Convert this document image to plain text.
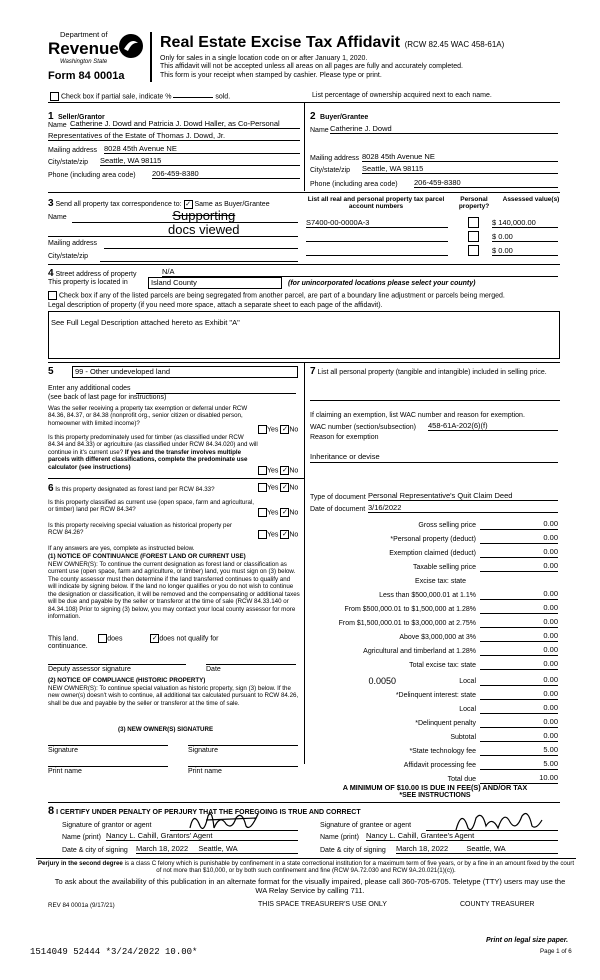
Department of
Revenue
Washington State
Form 84 0001a
Real Estate Excise Tax Affidavit (RCW 82.45 WAC 458-61A)
Only for sales in a single location code on or after January 1, 2020.
This affidavit will not be accepted unless all areas on all pages are fully and accurately completed.
This form is your receipt when stamped by cashier. Please type or print.
Check box if partial sale, indicate %	sold.	List percentage of ownership acquired next to each name.
1 Seller/Grantor
Name Catherine J. Dowd and Patricia J. Dowd Haller, as Co-Personal
Representatives of the Estate of Thomas J. Dowd, Jr.
Mailing address 8028 45th Avenue NE
City/state/zip Seattle, WA 98115
Phone (including area code) 206-459-8380
2 Buyer/Grantee
Name Catherine J. Dowd
Mailing address 8028 45th Avenue NE
City/state/zip Seattle, WA 98115
Phone (including area code) 206-459-8380
3 Send all property tax correspondence to: ✓ Same as Buyer/Grantee
Name
Mailing address
City/state/zip
Supporting
docs viewed
List all real and personal property tax parcel account numbers
Personal property?
Assessed value(s)
S7400-00-0000A-3	$ 140,000.00
$ 0.00
$ 0.00
4 Street address of property	N/A
This property is located in	Island County	(for unincorporated locations please select your county)
Check box if any of the listed parcels are being segregated from another parcel, are part of a boundary line adjustment or parcels being merged.
Legal description of property (if you need more space, attach a separate sheet to each page of the affidavit).
See Full Legal Description attached hereto as Exhibit "A"
5	99 - Other undeveloped land
Enter any additional codes
(see back of last page for instructions)
Was the seller receiving a property tax exemption or deferral under RCW 84.36, 84.37, or 84.38 (nonprofit org., senior citizen or disabled person, homeowner with limited income)?
Yes ✓ No
Is this property predominately used for timber (as classified under RCW 84.34 and 84.33) or agriculture (as classified under RCW 84.34.020) and will continue in it's current use? If yes and the transfer involves multiple parcels with different classifications, complete the predominate use calculator (see instructions)
Yes ✓ No
6 Is this property designated as forest land per RCW 84.33?	Yes ✓ No
Is this property classified as current use (open space, farm and agricultural, or timber) land per RCW 84.34?	Yes ✓ No
Is this property receiving special valuation as historical property per RCW 84.26?	Yes ✓ No
If any answers are yes, complete as instructed below.
(1) NOTICE OF CONTINUANCE (FOREST LAND OR CURRENT USE)
NEW OWNER(S): To continue the current designation as forest land or classification as current use (open space, farm and agriculture, or timber) land, you must sign on (3) below. The county assessor must then determine if the land transferred continues to qualify and will indicate by signing below. If the land no longer qualifies or you do not wish to continue the designation or classification, it will be removed and the compensating or additional taxes will be due and payable by the seller or transferor at the time of sale (RCW 84.33.140 or 84.34.108) Prior to signing (3) below, you may contact your local county assessor for more information.
This land.	does	✓ does not qualify for
continuance.
Deputy assessor signature	Date
(2) NOTICE OF COMPLIANCE (HISTORIC PROPERTY)
NEW OWNER(S): To continue special valuation as historic property, sign (3) below. If the new owner(s) doesn't wish to continue, all additional tax calculated pursuant to RCW 84.26, shall be due and payable by the seller or transferor at the time of sale.
(3) NEW OWNER(S) SIGNATURE
Signature	Signature
Print name	Print name
7 List all personal property (tangible and intangible) included in selling price.
If claiming an exemption, list WAC number and reason for exemption.
WAC number (section/subsection) 458-61A-202(6)(f)
Reason for exemption
Inheritance or devise
Type of document Personal Representative's Quit Claim Deed
Date of document 3/16/2022
Gross selling price	0.00
*Personal property (deduct)	0.00
Exemption claimed (deduct)	0.00
Taxable selling price	0.00
Excise tax: state
Less than $500,000.01 at 1.1%	0.00
From $500,000.01 to $1,500,000 at 1.28%	0.00
From $1,500,000.01 to $3,000,000 at 2.75%	0.00
Above $3,000,000 at 3%	0.00
Agricultural and timberland at 1.28%	0.00
Total excise tax: state	0.00
0.0050	Local	0.00
*Delinquent interest: state	0.00
Local	0.00
*Delinquent penalty	0.00
Subtotal	0.00
*State technology fee	5.00
Affidavit processing fee	5.00
Total due	10.00
A MINIMUM OF $10.00 IS DUE IN FEE(S) AND/OR TAX
*SEE INSTRUCTIONS
8 I CERTIFY UNDER PENALTY OF PERJURY THAT THE FOREGOING IS TRUE AND CORRECT
Signature of grantor or agent	Signature of grantee or agent
Name (print) Nancy L. Cahill, Grantors' Agent	Name (print) Nancy L. Cahill, Grantee's Agent
Date & city of signing March 18, 2022 Seattle, WA	Date & city of signing March 18, 2022 Seattle, WA
Perjury in the second degree is a class C felony which is punishable by confinement in a state correctional institution for a maximum term of five years, or by a fine in an amount fixed by the court of not more than $10,000, or by both such confinement and fine (RCW 9A.72.030 and RCW 9A.20.021(1)(c)).
To ask about the availability of this publication in an alternate format for the visually impaired, please call 360-705-6705. Teletype (TTY) users may use the WA Relay Service by calling 711.
REV 84 0001a (9/17/21)	THIS SPACE TREASURER'S USE ONLY	COUNTY TREASURER
1514049 52444 *3/24/2022 10.00*
Print on legal size paper.
Page 1 of 6
